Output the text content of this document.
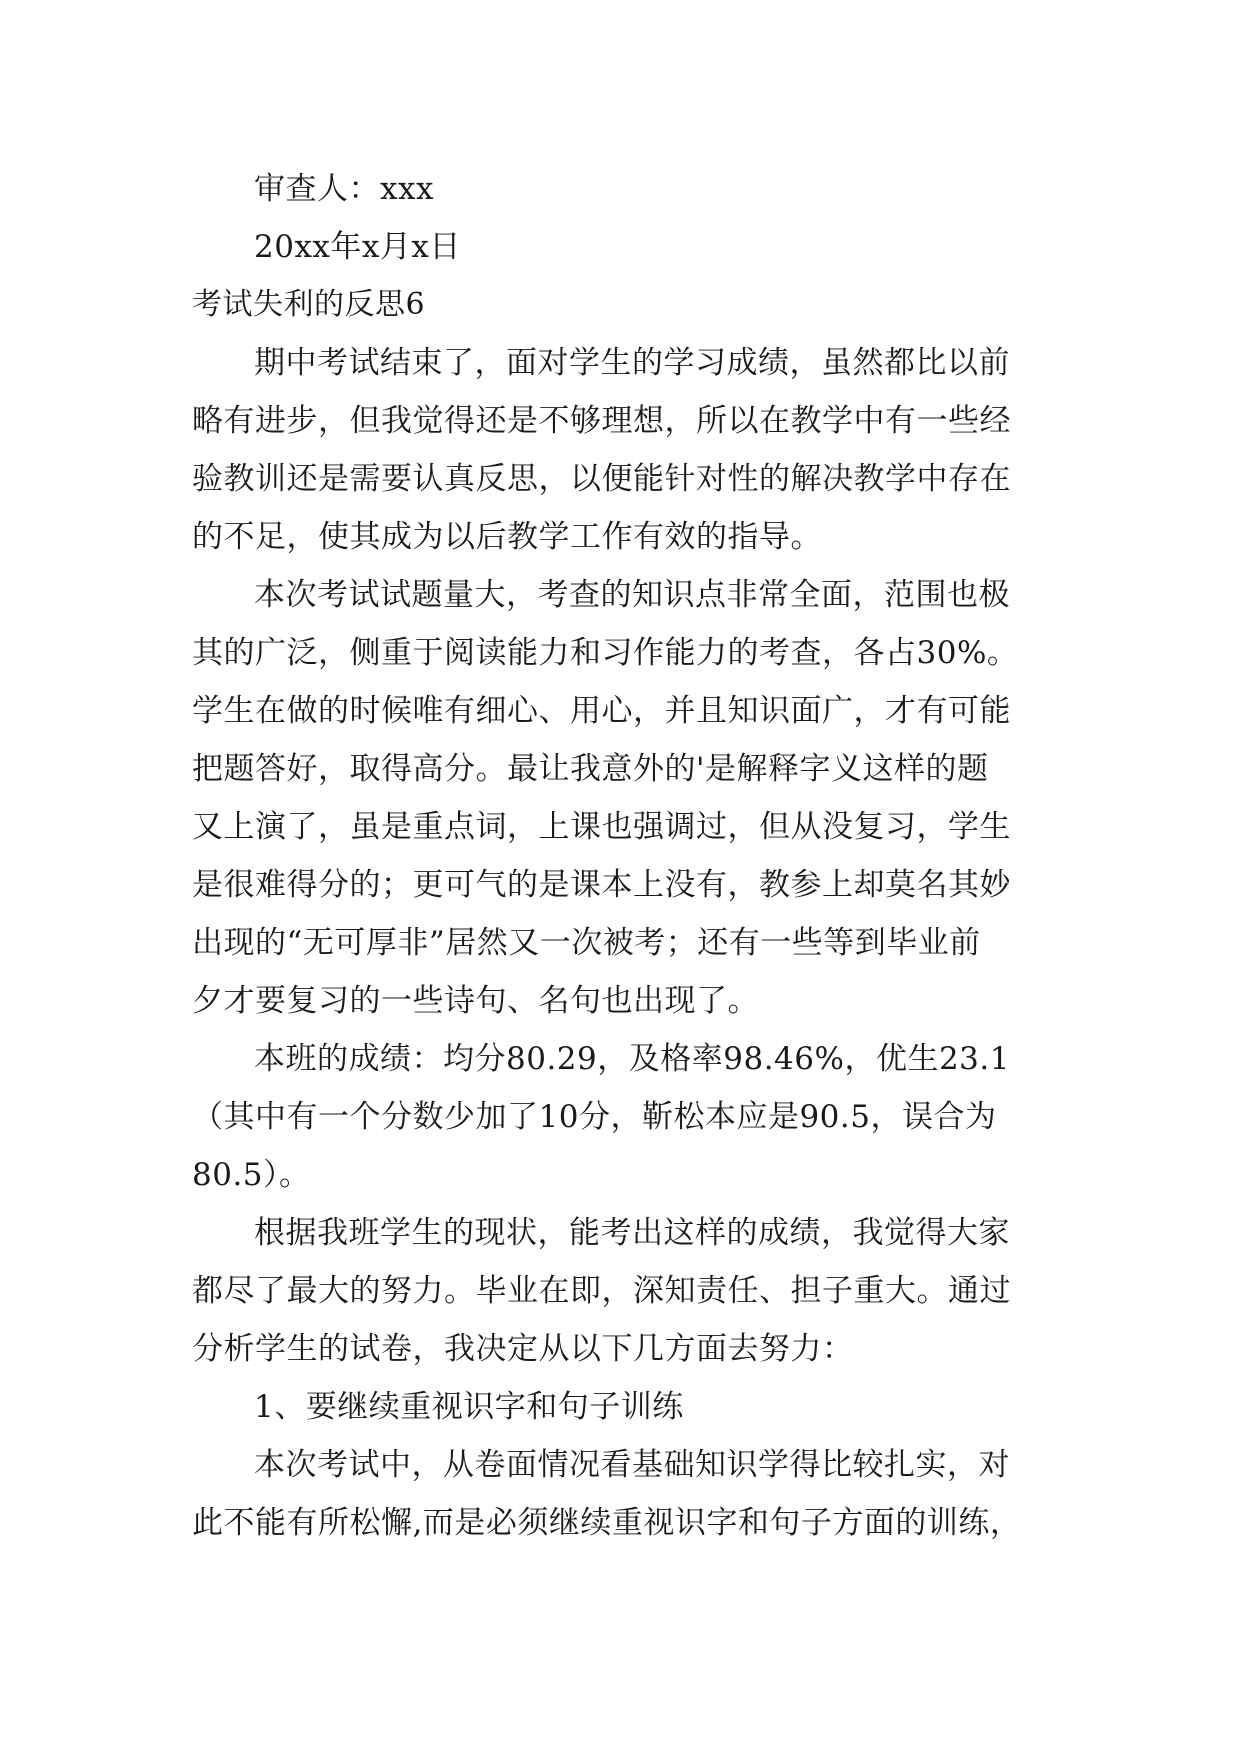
审查人：xxx
20xx年x月x日
考试失利的反思6
期中考试结束了，面对学生的学习成绩，虽然都比以前
略有进步，但我觉得还是不够理想，所以在教学中有一些经
验教训还是需要认真反思，以便能针对性的解决教学中存在
的不足，使其成为以后教学工作有效的指导。
本次考试试题量大，考查的知识点非常全面，范围也极
其的广泛，侧重于阅读能力和习作能力的考查，各占30%。
学生在做的时候唯有细心、用心，并且知识面广，才有可能
把题答好，取得高分。最让我意外的'是解释字义这样的题
又上演了，虽是重点词，上课也强调过，但从没复习，学生
是很难得分的；更可气的是课本上没有，教参上却莫名其妙
出现的“无可厚非”居然又一次被考；还有一些等到毕业前
夕才要复习的一些诗句、名句也出现了。
本班的成绩：均分80.29，及格率98.46%，优生23.1
（其中有一个分数少加了10分，靳松本应是90.5，误合为
80.5）。
根据我班学生的现状，能考出这样的成绩，我觉得大家
都尽了最大的努力。毕业在即，深知责任、担子重大。通过
分析学生的试卷，我决定从以下几方面去努力：
1、要继续重视识字和句子训练
本次考试中，从卷面情况看基础知识学得比较扎实，对
此不能有所松懈,而是必须继续重视识字和句子方面的训练，
